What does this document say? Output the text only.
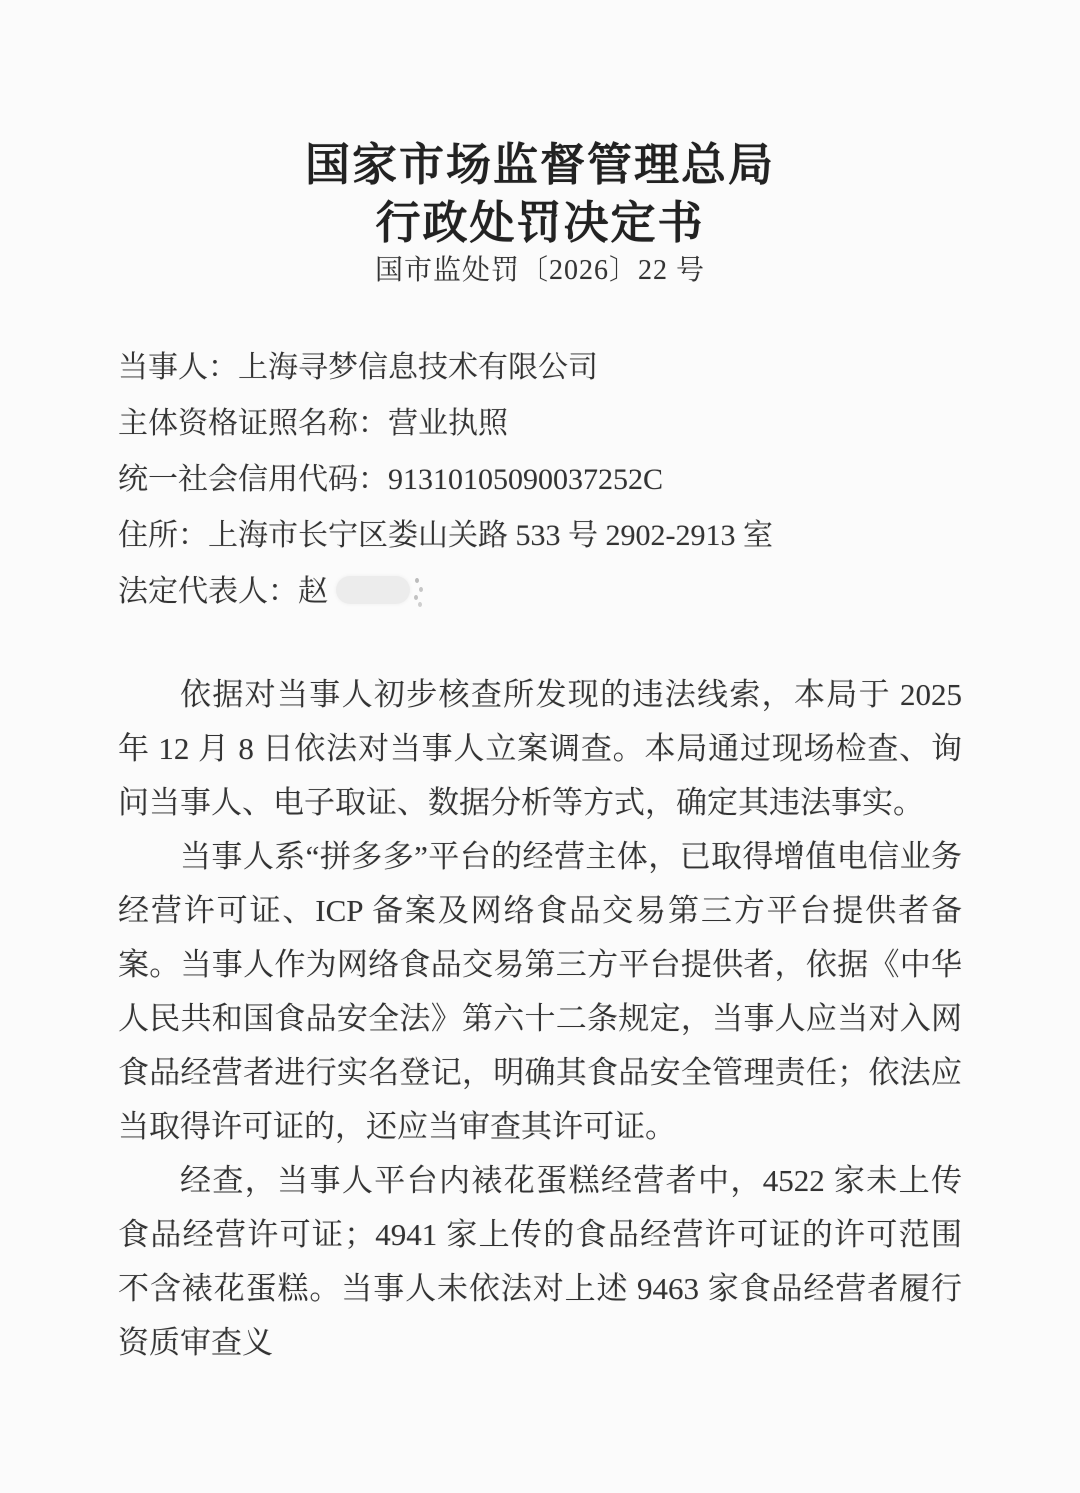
国家市场监督管理总局
行政处罚决定书
国市监处罚〔2026〕22 号
当事人：上海寻梦信息技术有限公司
主体资格证照名称：营业执照
统一社会信用代码：91310105090037252C
住所：上海市长宁区娄山关路 533 号 2902-2913 室
法定代表人：赵

依据对当事人初步核查所发现的违法线索，本局于 2025 年 12 月 8 日依法对当事人立案调查。本局通过现场检查、询问当事人、电子取证、数据分析等方式，确定其违法事实。

当事人系“拼多多”平台的经营主体，已取得增值电信业务经营许可证、ICP 备案及网络食品交易第三方平台提供者备案。当事人作为网络食品交易第三方平台提供者，依据《中华人民共和国食品安全法》第六十二条规定，当事人应当对入网食品经营者进行实名登记，明确其食品安全管理责任；依法应当取得许可证的，还应当审查其许可证。

经查，当事人平台内裱花蛋糕经营者中，4522 家未上传食品经营许可证；4941 家上传的食品经营许可证的许可范围不含裱花蛋糕。当事人未依法对上述 9463 家食品经营者履行资质审查义
